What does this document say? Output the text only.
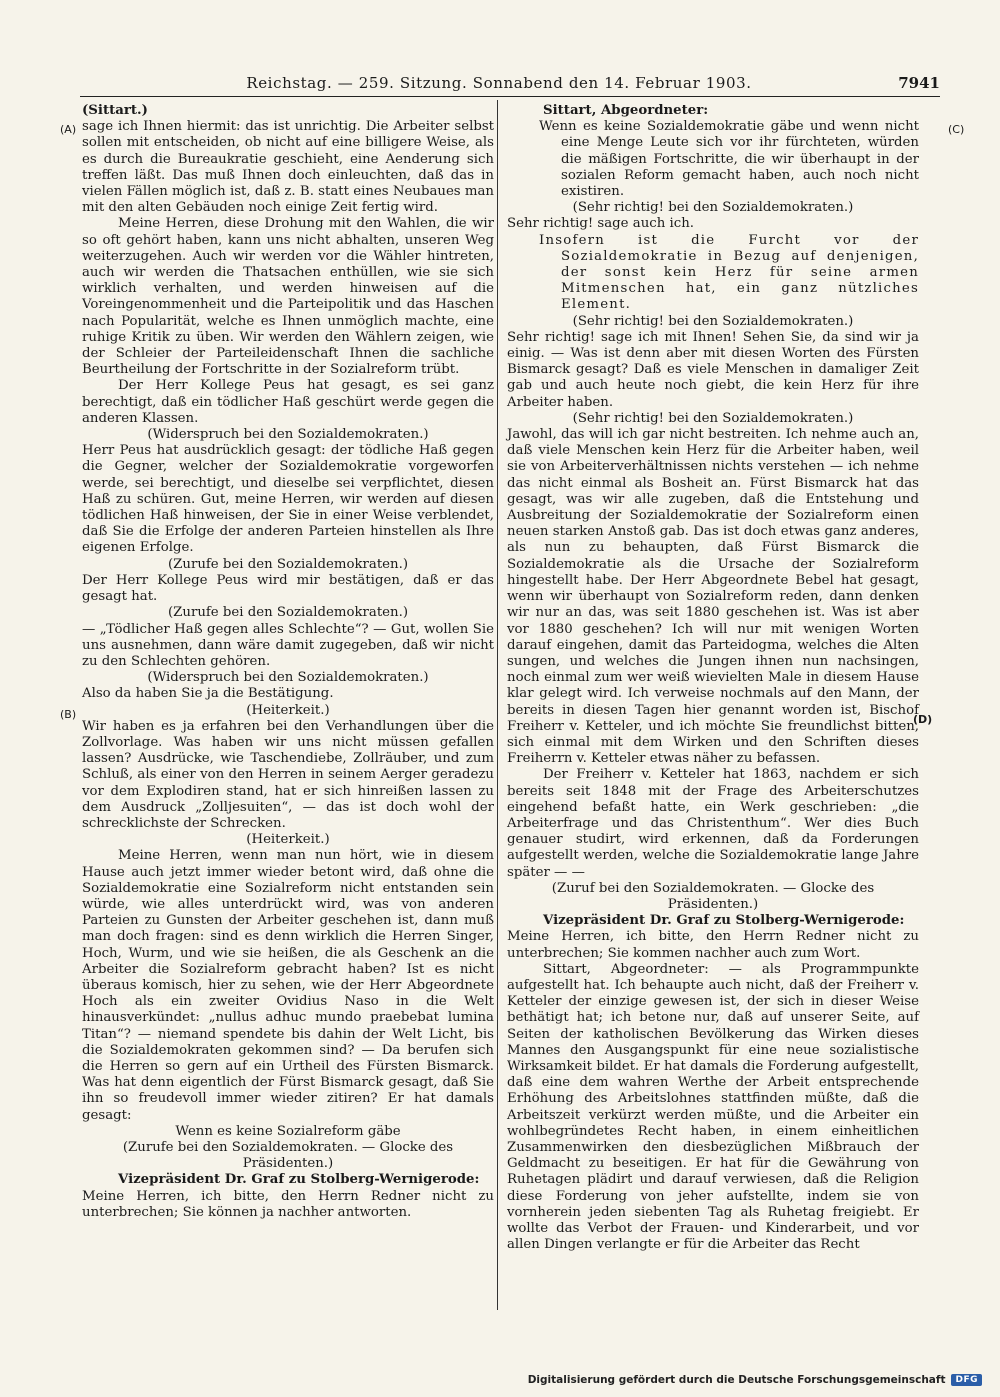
Reichstag. — 259. Sitzung. Sonnabend den 14. Februar 1903.	7941
(A)
(B)
(C)
(D)

(Sittart.)

sage ich Ihnen hiermit: das ist unrichtig. Die Arbeiter selbst sollen mit entscheiden, ob nicht auf eine billigere Weise, als es durch die Bureaukratie geschieht, eine Aenderung sich treffen läßt. Das muß Ihnen doch einleuchten, daß das in vielen Fällen möglich ist, daß z. B. statt eines Neubaues man mit den alten Gebäuden noch einige Zeit fertig wird.

Meine Herren, diese Drohung mit den Wahlen, die wir so oft gehört haben, kann uns nicht abhalten, unseren Weg weiterzugehen. Auch wir werden vor die Wähler hintreten, auch wir werden die Thatsachen enthüllen, wie sie sich wirklich verhalten, und werden hinweisen auf die Voreingenommenheit und die Parteipolitik und das Haschen nach Popularität, welche es Ihnen unmöglich machte, eine ruhige Kritik zu üben. Wir werden den Wählern zeigen, wie der Schleier der Parteileidenschaft Ihnen die sachliche Beurtheilung der Fortschritte in der Sozialreform trübt.

Der Herr Kollege Peus hat gesagt, es sei ganz berechtigt, daß ein tödlicher Haß geschürt werde gegen die anderen Klassen.

(Widerspruch bei den Sozialdemokraten.)

Herr Peus hat ausdrücklich gesagt: der tödliche Haß gegen die Gegner, welcher der Sozialdemokratie vorgeworfen werde, sei berechtigt, und dieselbe sei verpflichtet, diesen Haß zu schüren. Gut, meine Herren, wir werden auf diesen tödlichen Haß hinweisen, der Sie in einer Weise verblendet, daß Sie die Erfolge der anderen Parteien hinstellen als Ihre eigenen Erfolge.

(Zurufe bei den Sozialdemokraten.)

Der Herr Kollege Peus wird mir bestätigen, daß er das gesagt hat.

(Zurufe bei den Sozialdemokraten.)

— „Tödlicher Haß gegen alles Schlechte“? — Gut, wollen Sie uns ausnehmen, dann wäre damit zugegeben, daß wir nicht zu den Schlechten gehören.

(Widerspruch bei den Sozialdemokraten.)

Also da haben Sie ja die Bestätigung.

(Heiterkeit.)

Wir haben es ja erfahren bei den Verhandlungen über die Zollvorlage. Was haben wir uns nicht müssen gefallen lassen? Ausdrücke, wie Taschendiebe, Zollräuber, und zum Schluß, als einer von den Herren in seinem Aerger geradezu vor dem Explodiren stand, hat er sich hinreißen lassen zu dem Ausdruck „Zolljesuiten“, — das ist doch wohl der schrecklichste der Schrecken.

(Heiterkeit.)

Meine Herren, wenn man nun hört, wie in diesem Hause auch jetzt immer wieder betont wird, daß ohne die Sozialdemokratie eine Sozialreform nicht entstanden sein würde, wie alles unterdrückt wird, was von anderen Parteien zu Gunsten der Arbeiter geschehen ist, dann muß man doch fragen: sind es denn wirklich die Herren Singer, Hoch, Wurm, und wie sie heißen, die als Geschenk an die Arbeiter die Sozialreform gebracht haben? Ist es nicht überaus komisch, hier zu sehen, wie der Herr Abgeordnete Hoch als ein zweiter Ovidius Naso in die Welt hinausverkündet: „nullus adhuc mundo praebebat lumina Titan“? — niemand spendete bis dahin der Welt Licht, bis die Sozialdemokraten gekommen sind? — Da berufen sich die Herren so gern auf ein Urtheil des Fürsten Bismarck. Was hat denn eigentlich der Fürst Bismarck gesagt, daß Sie ihn so freudevoll immer wieder zitiren? Er hat damals gesagt:

Wenn es keine Sozialreform gäbe

(Zurufe bei den Sozialdemokraten. — Glocke des Präsidenten.)

Vizepräsident Dr. Graf zu Stolberg-Wernigerode:

Meine Herren, ich bitte, den Herrn Redner nicht zu unterbrechen; Sie können ja nachher antworten.

Sittart, Abgeordneter:

Wenn es keine Sozialdemokratie gäbe und wenn nicht eine Menge Leute sich vor ihr fürchteten, würden die mäßigen Fortschritte, die wir überhaupt in der sozialen Reform gemacht haben, auch noch nicht existiren.

(Sehr richtig! bei den Sozialdemokraten.)

Sehr richtig! sage auch ich.

Insofern ist die Furcht vor der Sozialdemokratie in Bezug auf denjenigen, der sonst kein Herz für seine armen Mitmenschen hat, ein ganz nützliches Element.

(Sehr richtig! bei den Sozialdemokraten.)

Sehr richtig! sage ich mit Ihnen! Sehen Sie, da sind wir ja einig. — Was ist denn aber mit diesen Worten des Fürsten Bismarck gesagt? Daß es viele Menschen in damaliger Zeit gab und auch heute noch giebt, die kein Herz für ihre Arbeiter haben.

(Sehr richtig! bei den Sozialdemokraten.)

Jawohl, das will ich gar nicht bestreiten. Ich nehme auch an, daß viele Menschen kein Herz für die Arbeiter haben, weil sie von Arbeiterverhältnissen nichts verstehen — ich nehme das nicht einmal als Bosheit an. Fürst Bismarck hat das gesagt, was wir alle zugeben, daß die Entstehung und Ausbreitung der Sozialdemokratie der Sozialreform einen neuen starken Anstoß gab. Das ist doch etwas ganz anderes, als nun zu behaupten, daß Fürst Bismarck die Sozialdemokratie als die Ursache der Sozialreform hingestellt habe. Der Herr Abgeordnete Bebel hat gesagt, wenn wir überhaupt von Sozialreform reden, dann denken wir nur an das, was seit 1880 geschehen ist. Was ist aber vor 1880 geschehen? Ich will nur mit wenigen Worten darauf eingehen, damit das Parteidogma, welches die Alten sungen, und welches die Jungen ihnen nun nachsingen, noch einmal zum wer weiß wievielten Male in diesem Hause klar gelegt wird. Ich verweise nochmals auf den Mann, der bereits in diesen Tagen hier genannt worden ist, Bischof Freiherr v. Ketteler, und ich möchte Sie freundlichst bitten, sich einmal mit dem Wirken und den Schriften dieses Freiherrn v. Ketteler etwas näher zu befassen.

Der Freiherr v. Ketteler hat 1863, nachdem er sich bereits seit 1848 mit der Frage des Arbeiterschutzes eingehend befaßt hatte, ein Werk geschrieben: „die Arbeiterfrage und das Christenthum“. Wer dies Buch genauer studirt, wird erkennen, daß da Forderungen aufgestellt werden, welche die Sozialdemokratie lange Jahre später — —

(Zuruf bei den Sozialdemokraten. — Glocke des Präsidenten.)

Vizepräsident Dr. Graf zu Stolberg-Wernigerode:

Meine Herren, ich bitte, den Herrn Redner nicht zu unterbrechen; Sie kommen nachher auch zum Wort.

Sittart, Abgeordneter: — als Programmpunkte aufgestellt hat. Ich behaupte auch nicht, daß der Freiherr v. Ketteler der einzige gewesen ist, der sich in dieser Weise bethätigt hat; ich betone nur, daß auf unserer Seite, auf Seiten der katholischen Bevölkerung das Wirken dieses Mannes den Ausgangspunkt für eine neue sozialistische Wirksamkeit bildet. Er hat damals die Forderung aufgestellt, daß eine dem wahren Werthe der Arbeit entsprechende Erhöhung des Arbeitslohnes stattfinden müßte, daß die Arbeitszeit verkürzt werden müßte, und die Arbeiter ein wohlbegründetes Recht haben, in einem einheitlichen Zusammenwirken den diesbezüglichen Mißbrauch der Geldmacht zu beseitigen. Er hat für die Gewährung von Ruhetagen plädirt und darauf verwiesen, daß die Religion diese Forderung von jeher aufstellte, indem sie von vornherein jeden siebenten Tag als Ruhetag freigiebt. Er wollte das Verbot der Frauen- und Kinderarbeit, und vor allen Dingen verlangte er für die Arbeiter das Recht

Digitalisierung gefördert durch die Deutsche Forschungsgemeinschaft	DFG
